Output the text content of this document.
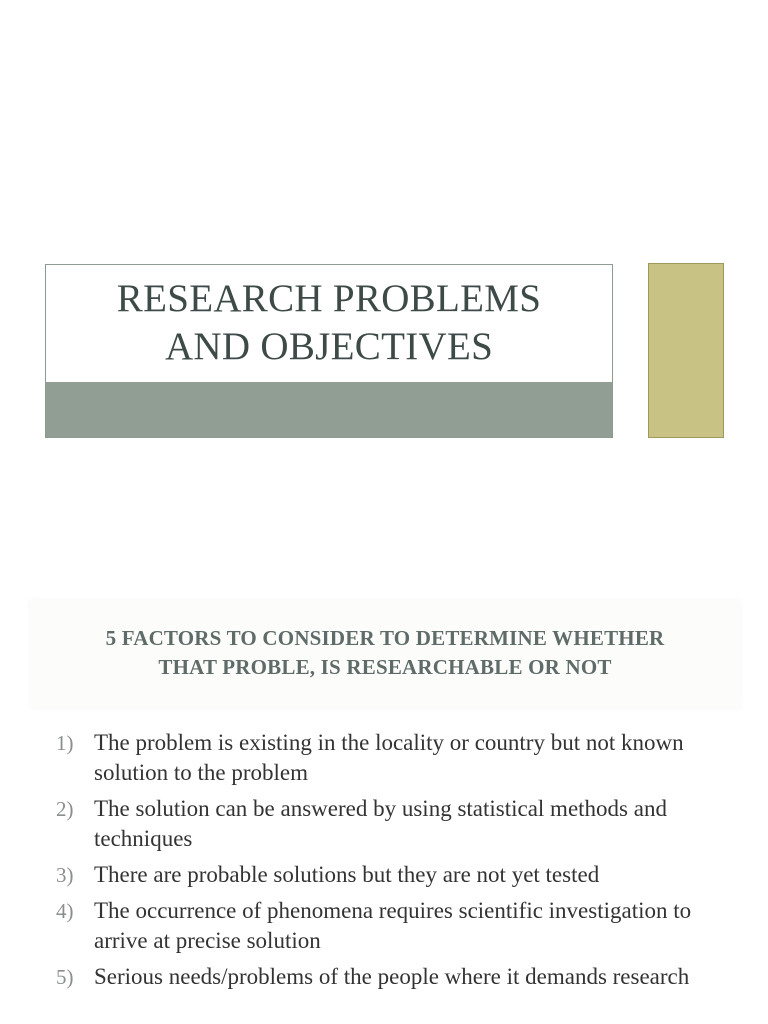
RESEARCH PROBLEMS
AND OBJECTIVES
5 FACTORS TO CONSIDER TO DETERMINE WHETHER
THAT PROBLE, IS RESEARCHABLE OR NOT
1) The problem is existing in the locality or country but not known solution to the problem
2) The solution can be answered by using statistical methods and techniques
3) There are probable solutions but they are not yet tested
4) The occurrence of phenomena requires scientific investigation to arrive at precise solution
5) Serious needs/problems of the people where it demands research
